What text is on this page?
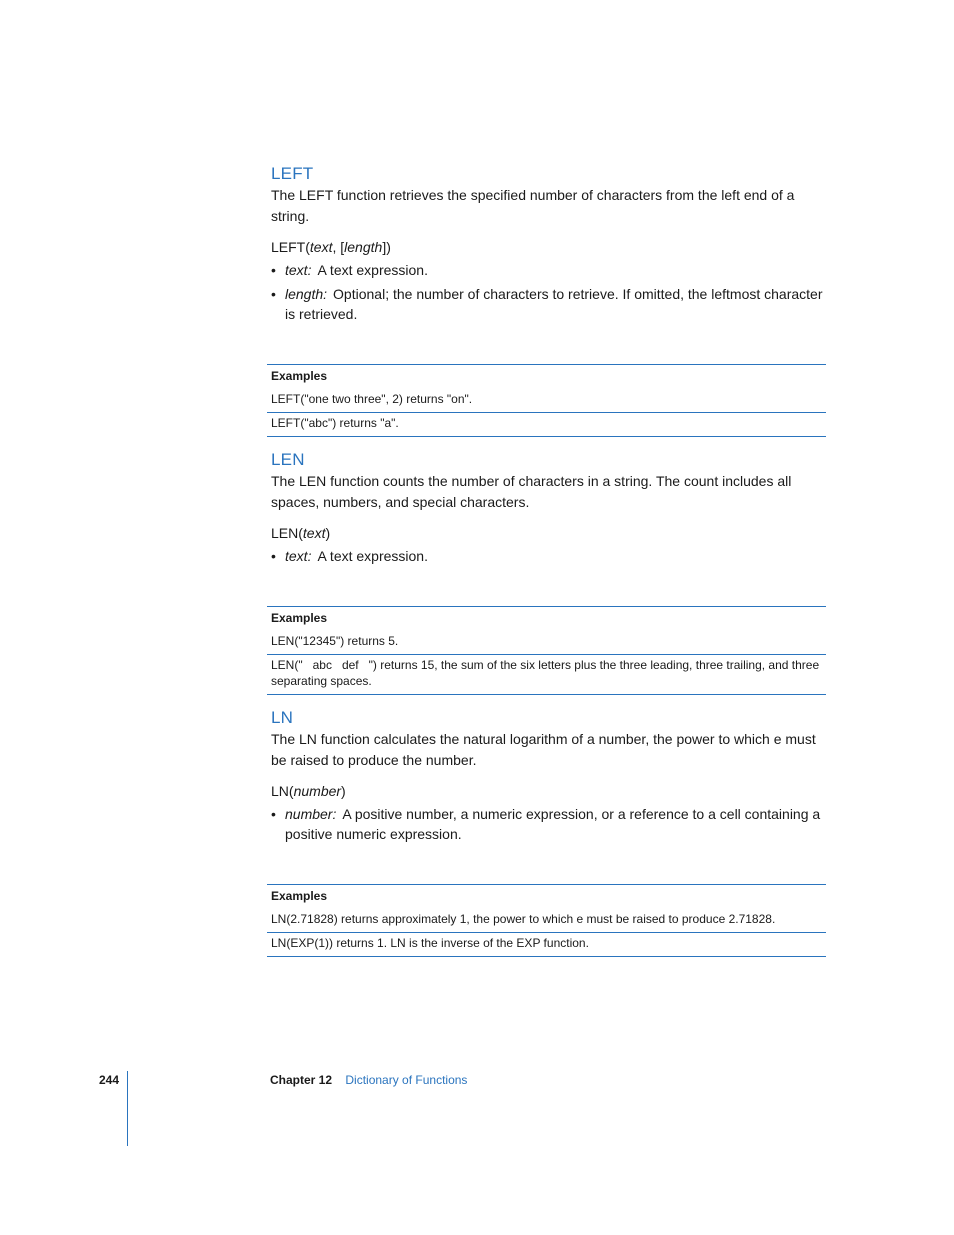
LEFT

The LEFT function retrieves the specified number of characters from the left end of a string.

LEFT(text, [length])

• text: A text expression.
• length: Optional; the number of characters to retrieve. If omitted, the leftmost character is retrieved.
Examples
LEFT("one two three", 2) returns "on".
LEFT("abc") returns "a".
LEN

The LEN function counts the number of characters in a string. The count includes all spaces, numbers, and special characters.

LEN(text)

• text: A text expression.
Examples
LEN("12345") returns 5.
LEN("   abc   def   ") returns 15, the sum of the six letters plus the three leading, three trailing, and three separating spaces.
LN

The LN function calculates the natural logarithm of a number, the power to which e must be raised to produce the number.

LN(number)

• number: A positive number, a numeric expression, or a reference to a cell containing a positive numeric expression.
Examples
LN(2.71828) returns approximately 1, the power to which e must be raised to produce 2.71828.
LN(EXP(1)) returns 1. LN is the inverse of the EXP function.
244	Chapter 12 Dictionary of Functions
